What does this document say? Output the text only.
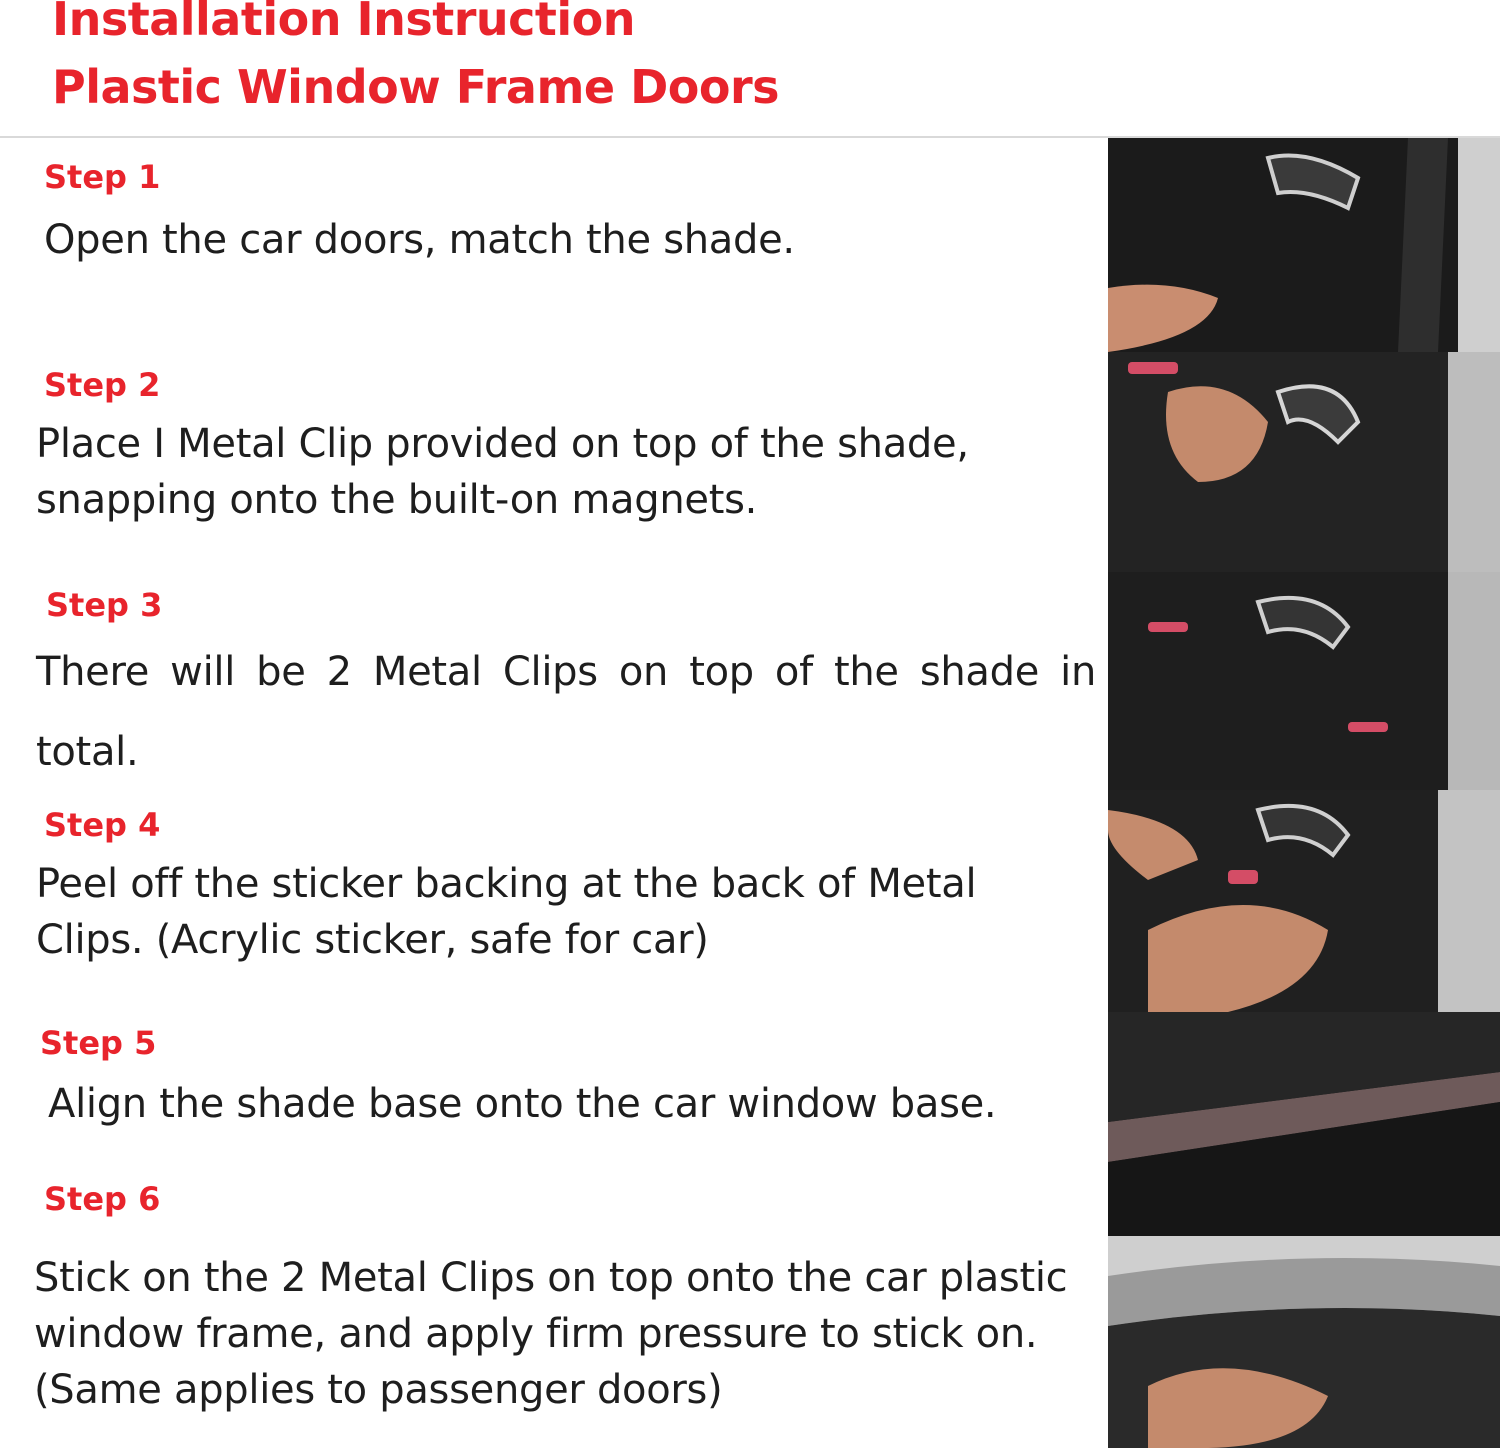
Installation Instruction
Plastic Window Frame Doors
Step 1
Open the car doors, match the shade.
Step 2
Place I Metal Clip provided on top of the shade, snapping onto the built-on magnets.
Step 3
There will be 2 Metal Clips on top of the shade in
total.
Step 4
Peel off the sticker backing at the back of Metal Clips. (Acrylic sticker, safe for car)
Step 5
Align the shade base onto the car window base.
Step 6
Stick on the 2 Metal Clips on top onto the car plastic window frame, and apply firm pressure to stick on. (Same applies to passenger doors)
